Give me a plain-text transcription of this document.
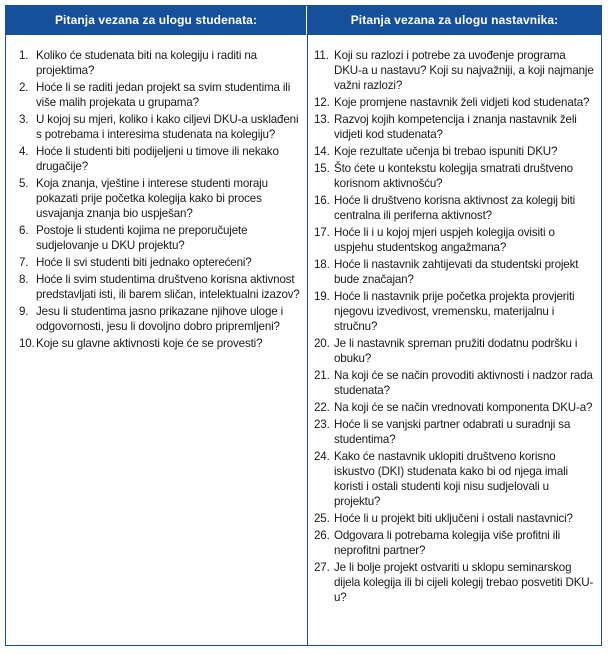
Pitanja vezana za ulogu studenata:
1. Koliko će studenata biti na kolegiju i raditi na projektima?
2. Hoće li se raditi jedan projekt sa svim studentima ili više malih projekata u grupama?
3. U kojoj su mjeri, koliko i kako ciljevi DKU-a usklađeni s potrebama i interesima studenata na kolegiju?
4. Hoće li studenti biti podijeljeni u timove ili nekako drugačije?
5. Koja znanja, vještine i interese studenti moraju pokazati prije početka kolegija kako bi proces usvajanja znanja bio uspješan?
6. Postoje li studenti kojima ne preporučujete sudjelovanje u DKU projektu?
7. Hoće li svi studenti biti jednako opterećeni?
8. Hoće li svim studentima društveno korisna aktivnost predstavljati isti, ili barem sličan, intelektualni izazov?
9. Jesu li studentima jasno prikazane njihove uloge i odgovornosti, jesu li dovoljno dobro pripremljeni?
10. Koje su glavne aktivnosti koje će se provesti?
Pitanja vezana za ulogu nastavnika:
11. Koji su razlozi i potrebe za uvođenje programa DKU-a u nastavu? Koji su najvažniji, a koji najmanje važni razlozi?
12. Koje promjene nastavnik želi vidjeti kod studenata?
13. Razvoj kojih kompetencija i znanja nastavnik želi vidjeti kod studenata?
14. Koje rezultate učenja bi trebao ispuniti DKU?
15. Što ćete u kontekstu kolegija smatrati društveno korisnom aktivnošću?
16. Hoće li društveno korisna aktivnost za kolegij biti centralna ili periferna aktivnost?
17. Hoće li i u kojoj mjeri uspjeh kolegija ovisiti o uspjehu studentskog angažmana?
18. Hoće li nastavnik zahtijevati da studentski projekt bude značajan?
19. Hoće li nastavnik prije početka projekta provjeriti njegovu izvedivost, vremensku, materijalnu i stručnu?
20. Je li nastavnik spreman pružiti dodatnu podršku i obuku?
21. Na koji će se način provoditi aktivnosti i nadzor rada studenata?
22. Na koji će se način vrednovati komponenta DKU-a?
23. Hoće li se vanjski partner odabrati u suradnji sa studentima?
24. Kako će nastavnik uklopiti društveno korisno iskustvo (DKI) studenata kako bi od njega imali koristi i ostali studenti koji nisu sudjelovali u projektu?
25. Hoće li u projekt biti uključeni i ostali nastavnici?
26. Odgovara li potrebama kolegija više profitni ili neprofitni partner?
27. Je li bolje projekt ostvariti u sklopu seminarskog dijela kolegija ili bi cijeli kolegij trebao posvetiti DKU-u?
